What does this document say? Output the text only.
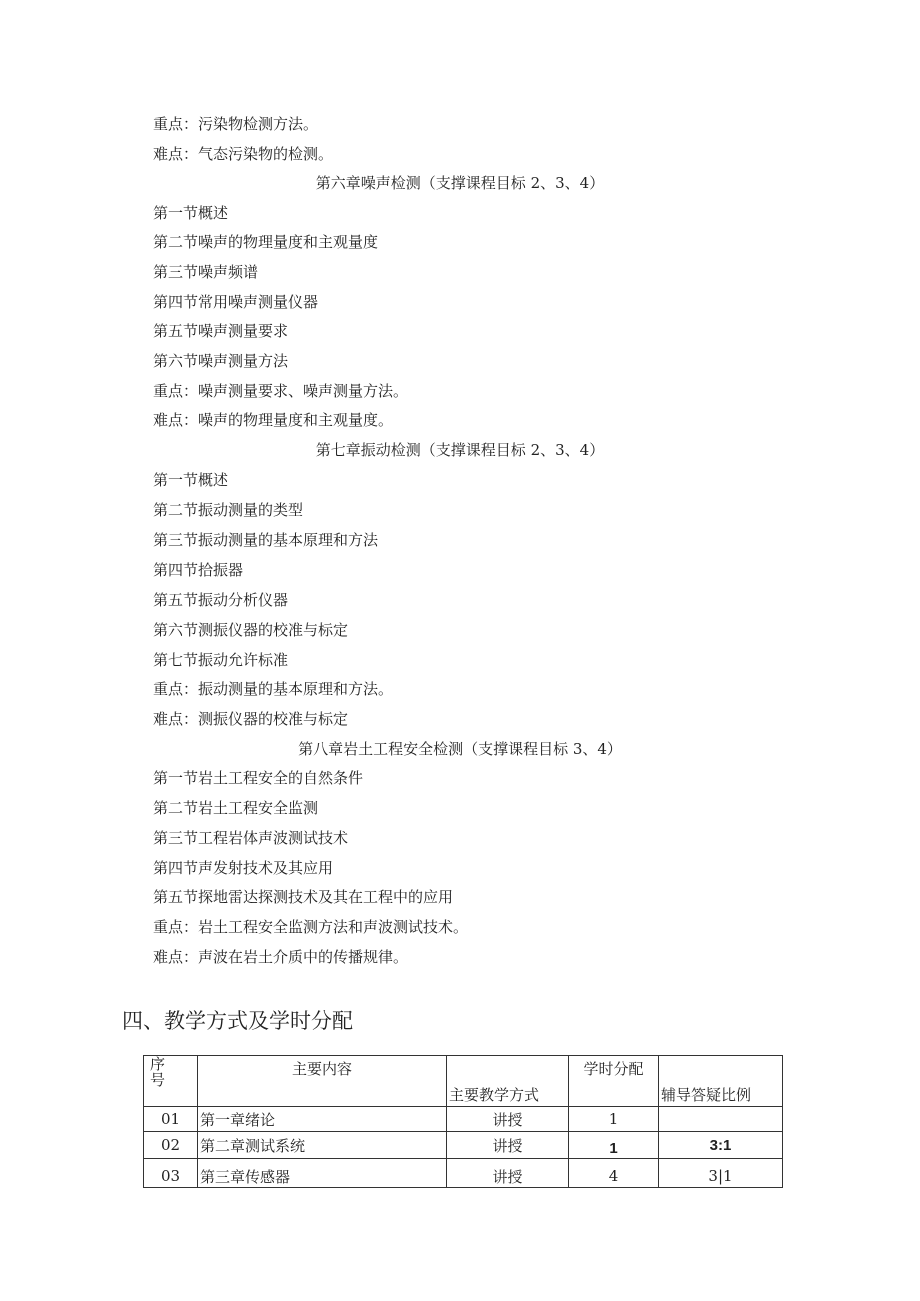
重点：污染物检测方法。
难点：气态污染物的检测。
第六章噪声检测（支撑课程目标 2、3、4）
第一节概述
第二节噪声的物理量度和主观量度
第三节噪声频谱
第四节常用噪声测量仪器
第五节噪声测量要求
第六节噪声测量方法
重点：噪声测量要求、噪声测量方法。
难点：噪声的物理量度和主观量度。
第七章振动检测（支撑课程目标 2、3、4）
第一节概述
第二节振动测量的类型
第三节振动测量的基本原理和方法
第四节拾振器
第五节振动分析仪器
第六节测振仪器的校准与标定
第七节振动允许标准
重点：振动测量的基本原理和方法。
难点：测振仪器的校准与标定
第八章岩土工程安全检测（支撑课程目标 3、4）
第一节岩土工程安全的自然条件
第二节岩土工程安全监测
第三节工程岩体声波测试技术
第四节声发射技术及其应用
第五节探地雷达探测技术及其在工程中的应用
重点：岩土工程安全监测方法和声波测试技术。
难点：声波在岩土介质中的传播规律。
四、教学方式及学时分配
序号	主要内容	主要教学方式	学时分配	辅导答疑比例
01	第一章绪论	讲授	1	
02	第二章测试系统	讲授	1	3:1
03	第三章传感器	讲授	4	3|1
